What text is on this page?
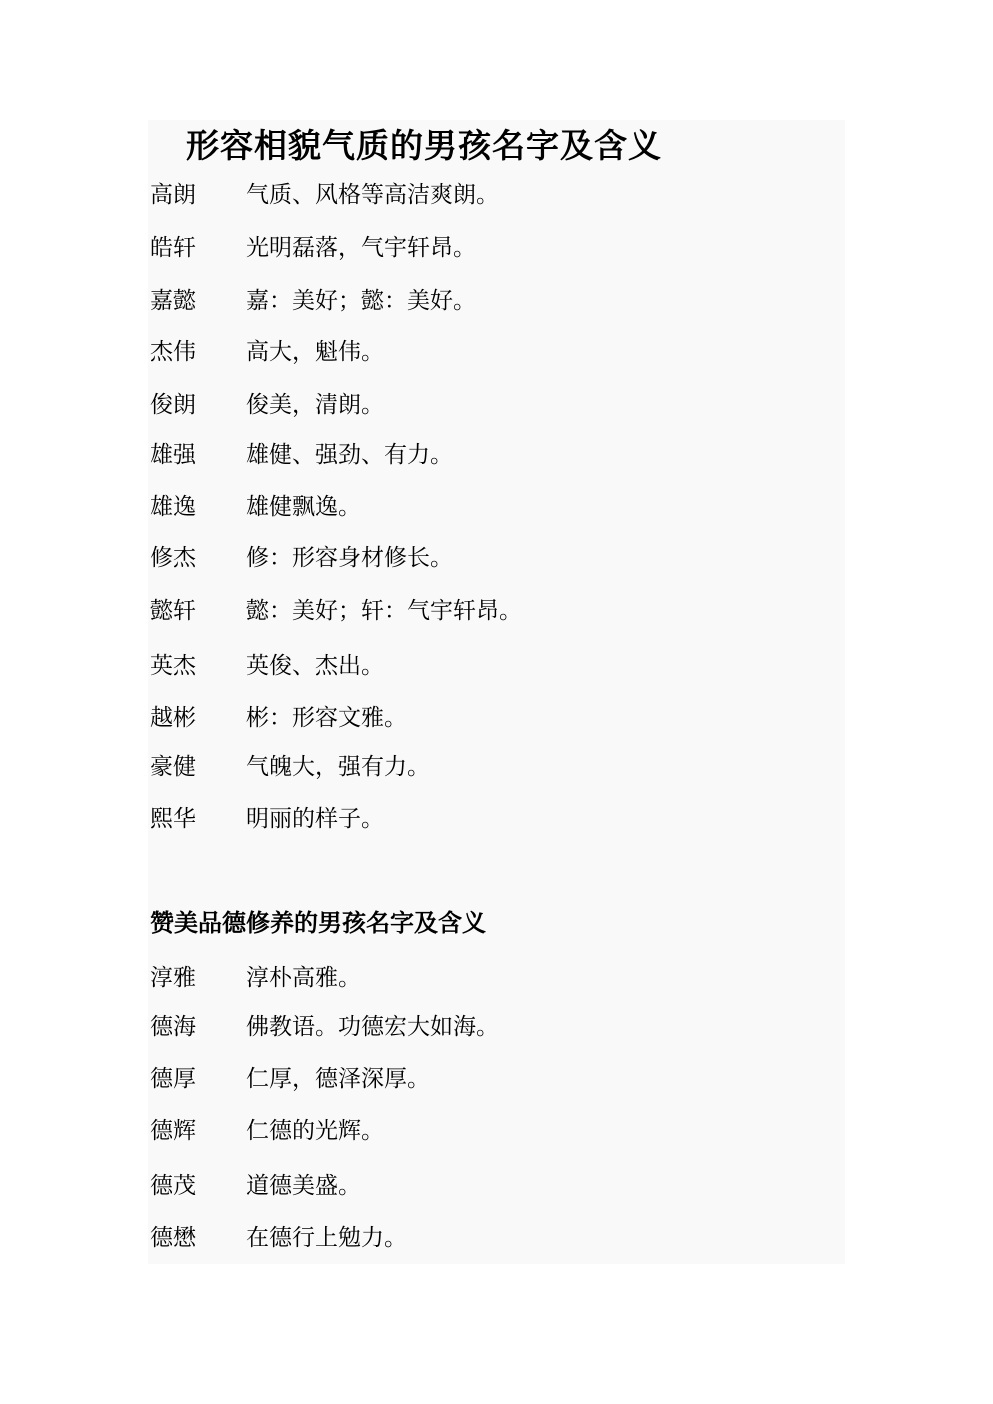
形容相貌气质的男孩名字及含义
高朗	气质、风格等高洁爽朗。
皓轩	光明磊落，气宇轩昂。
嘉懿	嘉：美好；懿：美好。
杰伟	高大，魁伟。
俊朗	俊美，清朗。
雄强	雄健、强劲、有力。
雄逸	雄健飘逸。
修杰	修：形容身材修长。
懿轩	懿：美好；轩：气宇轩昂。
英杰	英俊、杰出。
越彬	彬：形容文雅。
豪健	气魄大，强有力。
熙华	明丽的样子。
赞美品德修养的男孩名字及含义
淳雅	淳朴高雅。
德海	佛教语。功德宏大如海。
德厚	仁厚，德泽深厚。
德辉	仁德的光辉。
德茂	道德美盛。
德懋	在德行上勉力。
